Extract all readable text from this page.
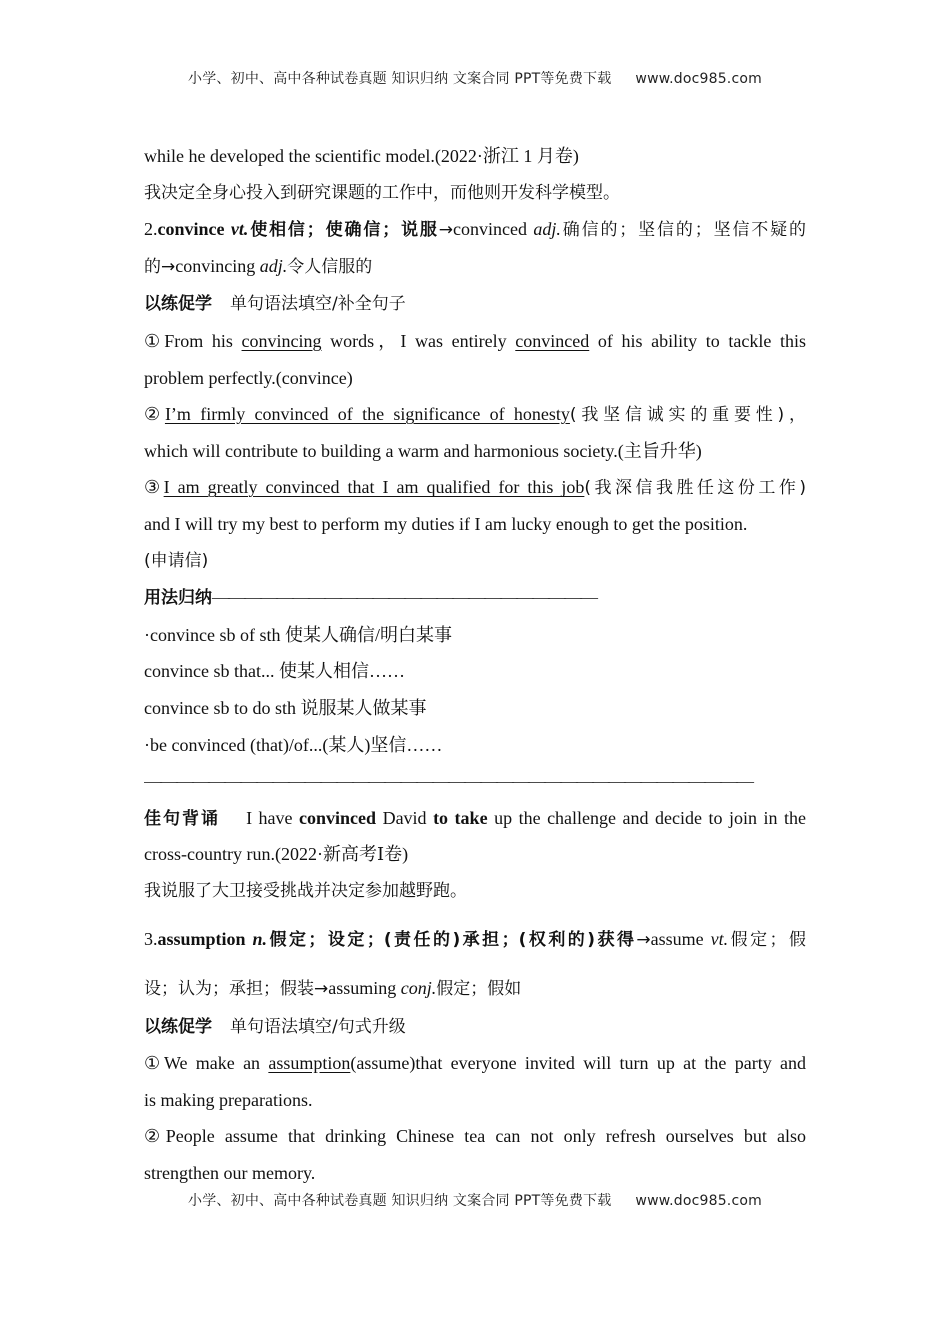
小学、初中、高中各种试卷真题 知识归纳 文案合同 PPT等免费下载 www.doc985.com
while he developed the scientific model.(2022·浙江 1 月卷)
我决定全身心投入到研究课题的工作中，而他则开发科学模型。
2.convince vt.使相信；使确信；说服→convinced adj.确信的；坚信的；坚信不疑的
的→convincing adj.令人信服的
以练促学 单句语法填空/补全句子
①From his convincing words，I was entirely convinced of his ability to tackle this
problem perfectly.(convince)
②I’m firmly convinced of the significance of honesty(我坚信诚实的重要性)，
which will contribute to building a warm and harmonious society.(主旨升华)
③I am greatly convinced that I am qualified for this job(我深信我胜任这份工作)
and I will try my best to perform my duties if I am lucky enough to get the position.
(申请信)
用法归纳————————————————————————
·convince sb of sth 使某人确信/明白某事
convince sb that... 使某人相信……
convince sb to do sth 说服某人做某事
·be convinced (that)/of...(某人)坚信……
——————————————————————————————————————
佳句背诵 I have convinced David to take up the challenge and decide to join in the
cross-country run.(2022·新高考Ⅰ卷)
我说服了大卫接受挑战并决定参加越野跑。
3.assumption n.假定；设定；(责任的)承担；(权利的)获得→assume vt.假定；假
设；认为；承担；假装→assuming conj.假定；假如
以练促学 单句语法填空/句式升级
①We make an assumption(assume)that everyone invited will turn up at the party and
is making preparations.
②People assume that drinking Chinese tea can not only refresh ourselves but also
strengthen our memory.
小学、初中、高中各种试卷真题 知识归纳 文案合同 PPT等免费下载 www.doc985.com
